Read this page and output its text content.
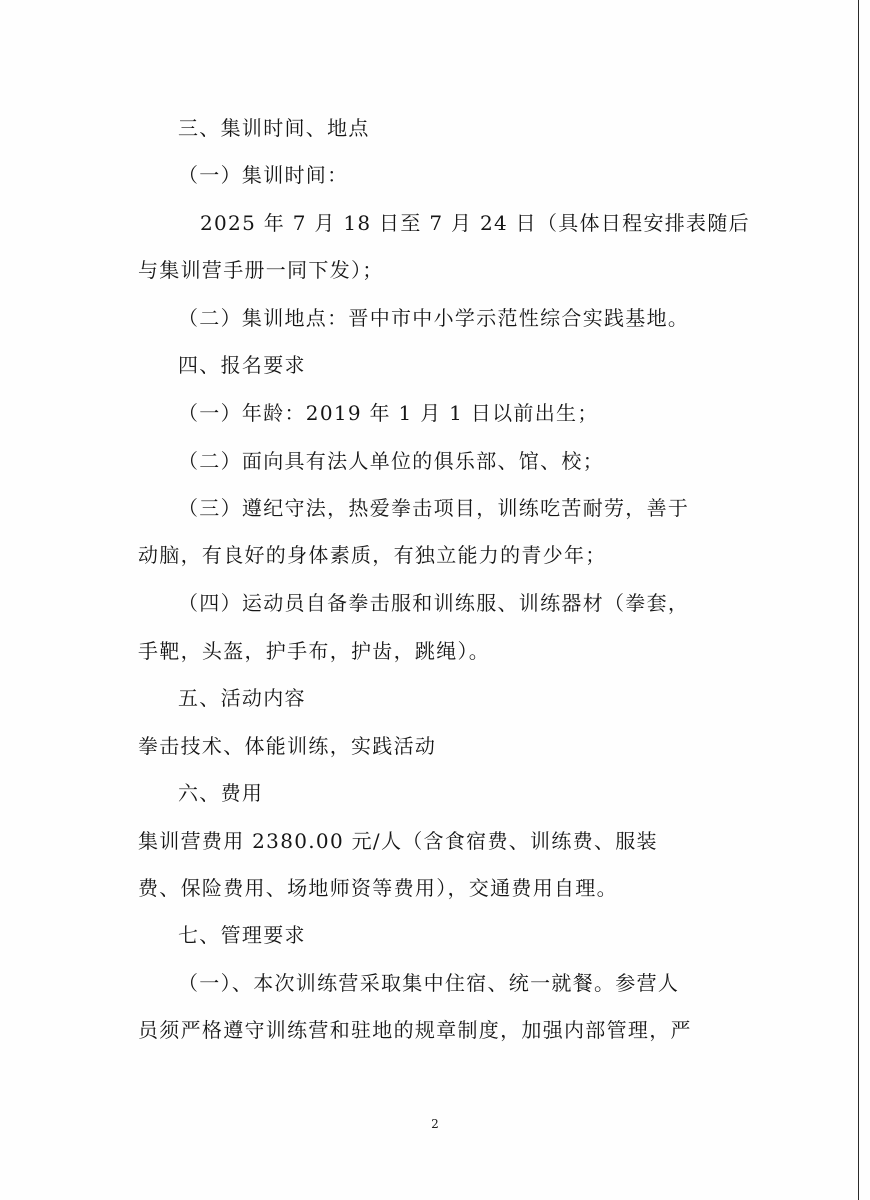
三、集训时间、地点
（一）集训时间：
2025 年 7 月 18 日至 7 月 24 日（具体日程安排表随后
与集训营手册一同下发）；
（二）集训地点：晋中市中小学示范性综合实践基地。
四、报名要求
（一）年龄：2019 年 1 月 1 日以前出生；
（二）面向具有法人单位的俱乐部、馆、校；
（三）遵纪守法，热爱拳击项目，训练吃苦耐劳，善于
动脑，有良好的身体素质，有独立能力的青少年；
（四）运动员自备拳击服和训练服、训练器材（拳套，
手靶，头盔，护手布，护齿，跳绳）。
五、活动内容
拳击技术、体能训练，实践活动
六、费用
集训营费用 2380.00 元/人（含食宿费、训练费、服装
费、保险费用、场地师资等费用），交通费用自理。
七、管理要求
（一）、本次训练营采取集中住宿、统一就餐。参营人
员须严格遵守训练营和驻地的规章制度，加强内部管理，严
2
